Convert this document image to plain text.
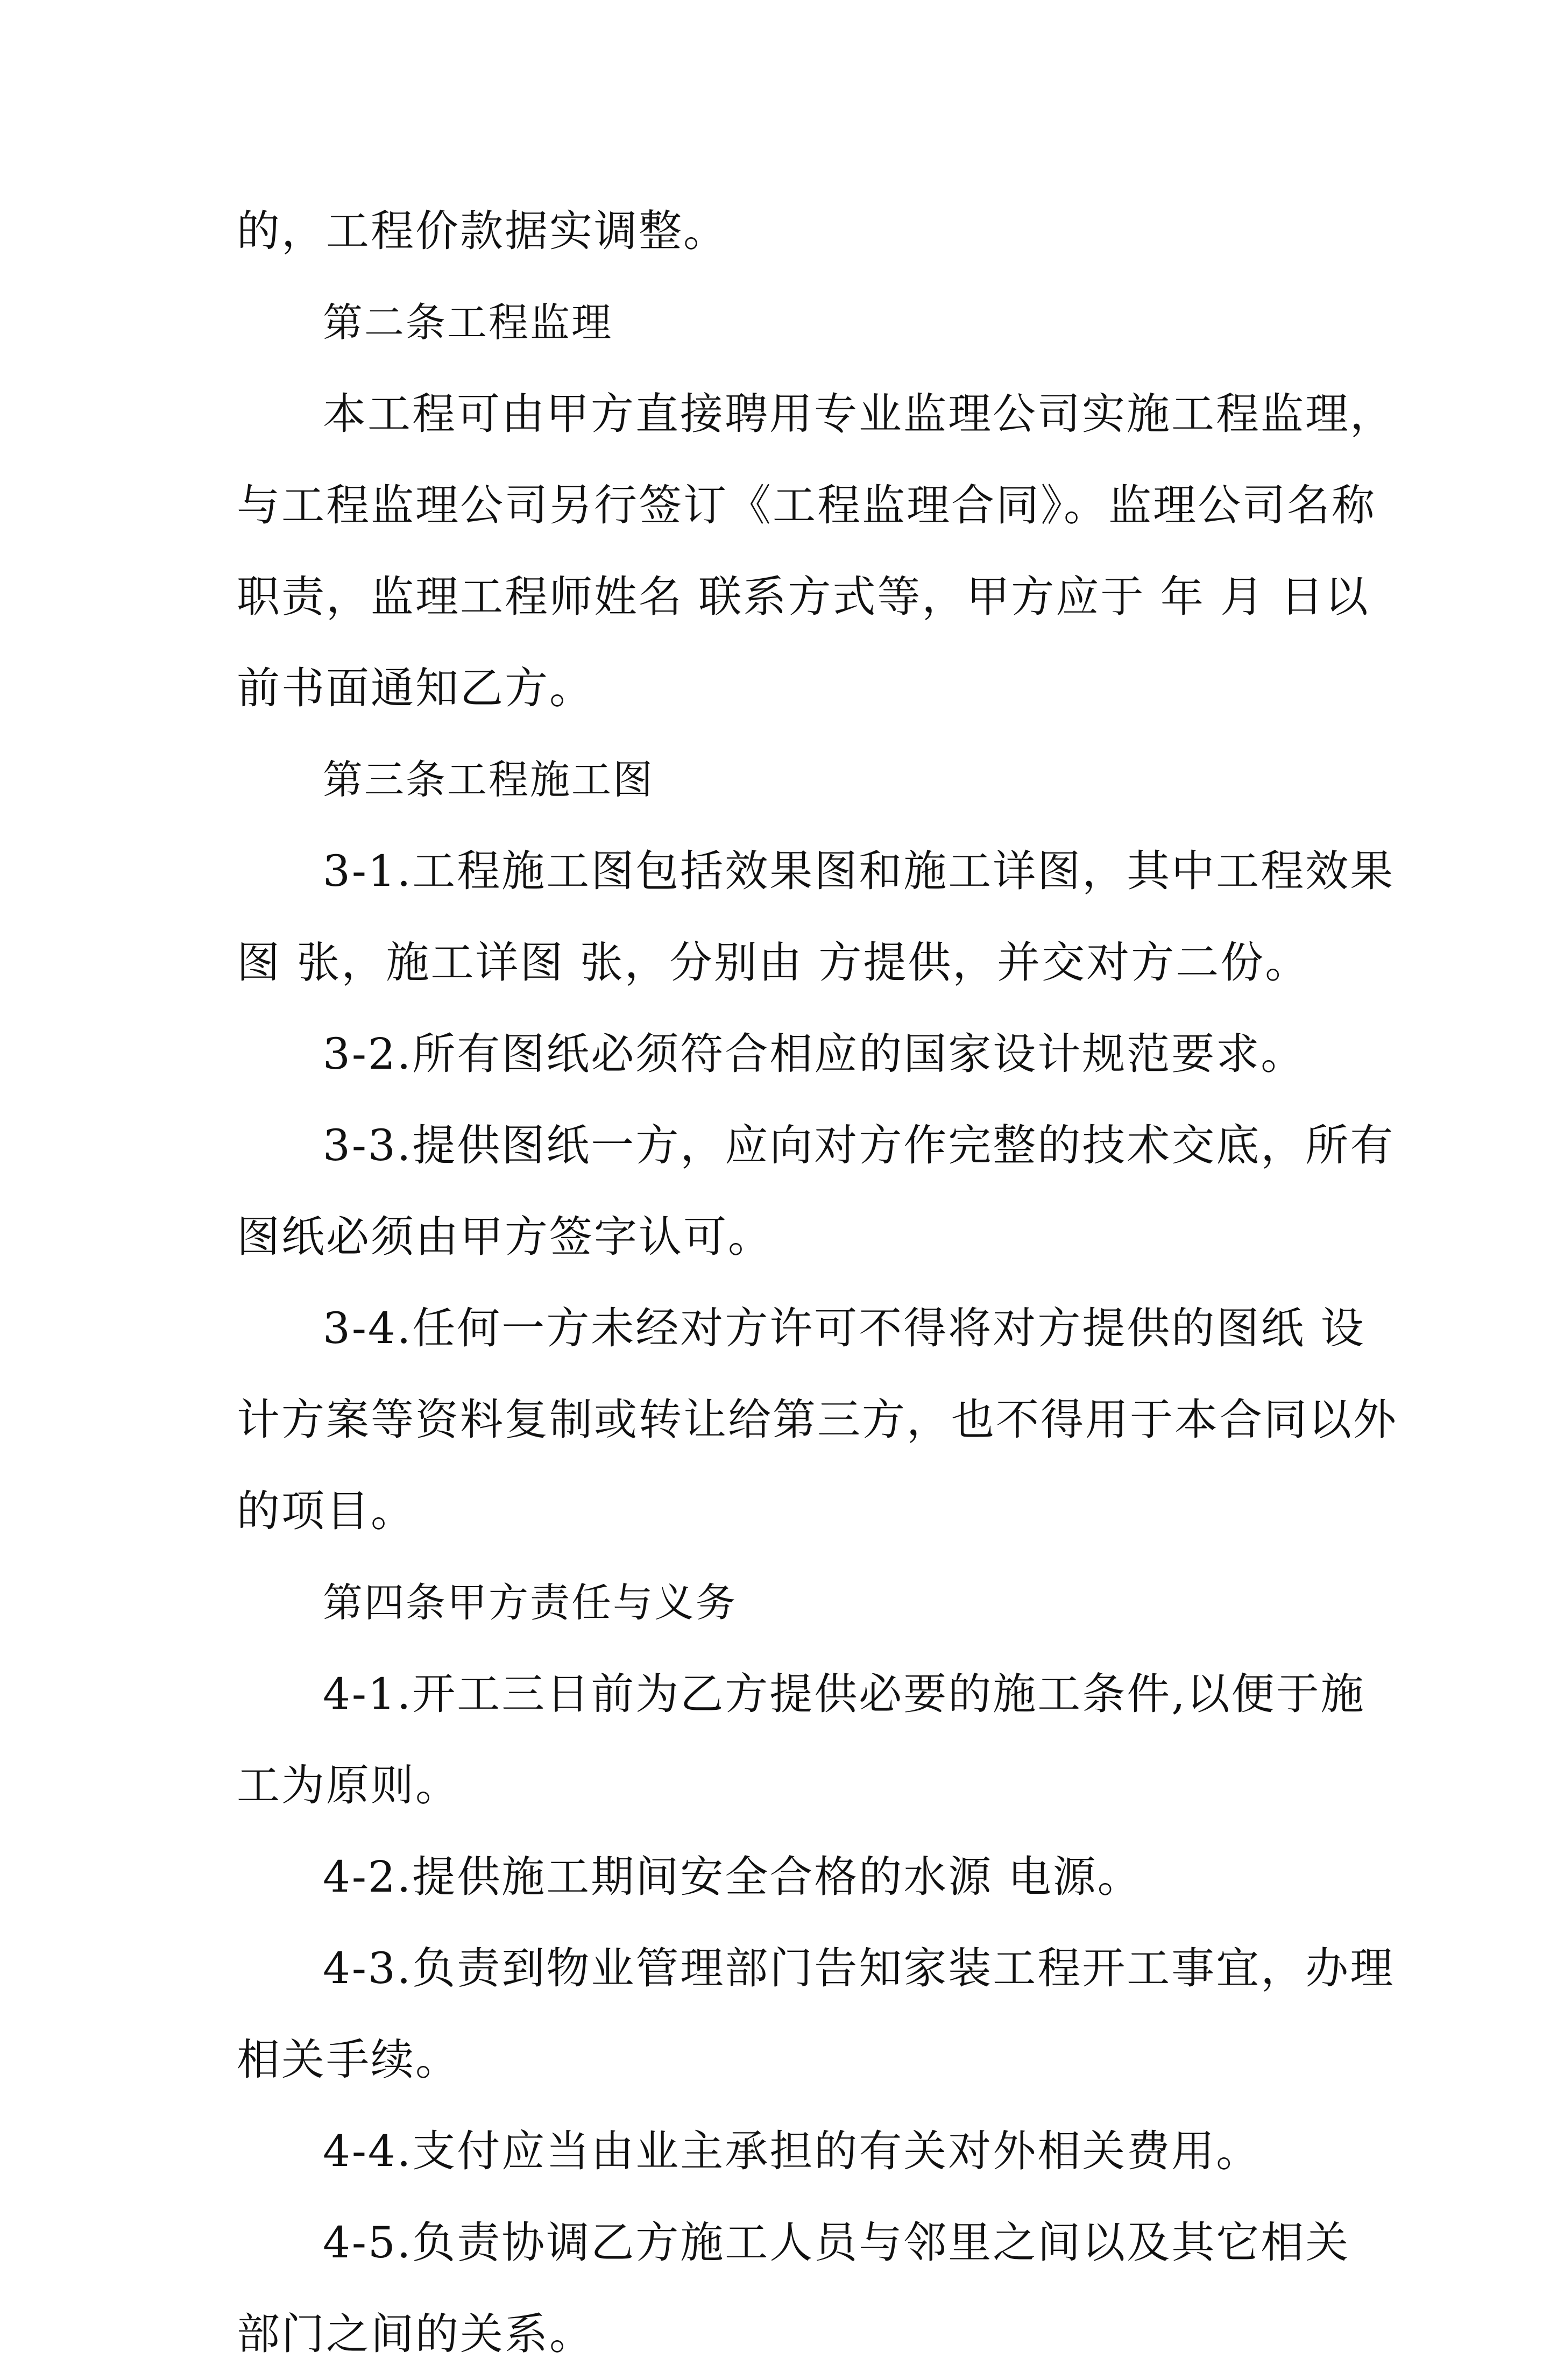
的，工程价款据实调整。
第二条工程监理
本工程可由甲方直接聘用专业监理公司实施工程监理，
与工程监理公司另行签订《工程监理合同》。监理公司名称
职责，监理工程师姓名 联系方式等，甲方应于 年 月 日以
前书面通知乙方。
第三条工程施工图
3-1.工程施工图包括效果图和施工详图，其中工程效果
图 张，施工详图 张，分别由 方提供，并交对方二份。
3-2.所有图纸必须符合相应的国家设计规范要求。
3-3.提供图纸一方，应向对方作完整的技术交底，所有
图纸必须由甲方签字认可。
3-4.任何一方未经对方许可不得将对方提供的图纸 设
计方案等资料复制或转让给第三方，也不得用于本合同以外
的项目。
第四条甲方责任与义务
4-1.开工三日前为乙方提供必要的施工条件,以便于施
工为原则。
4-2.提供施工期间安全合格的水源 电源。
4-3.负责到物业管理部门告知家装工程开工事宜，办理
相关手续。
4-4.支付应当由业主承担的有关对外相关费用。
4-5.负责协调乙方施工人员与邻里之间以及其它相关
部门之间的关系。
